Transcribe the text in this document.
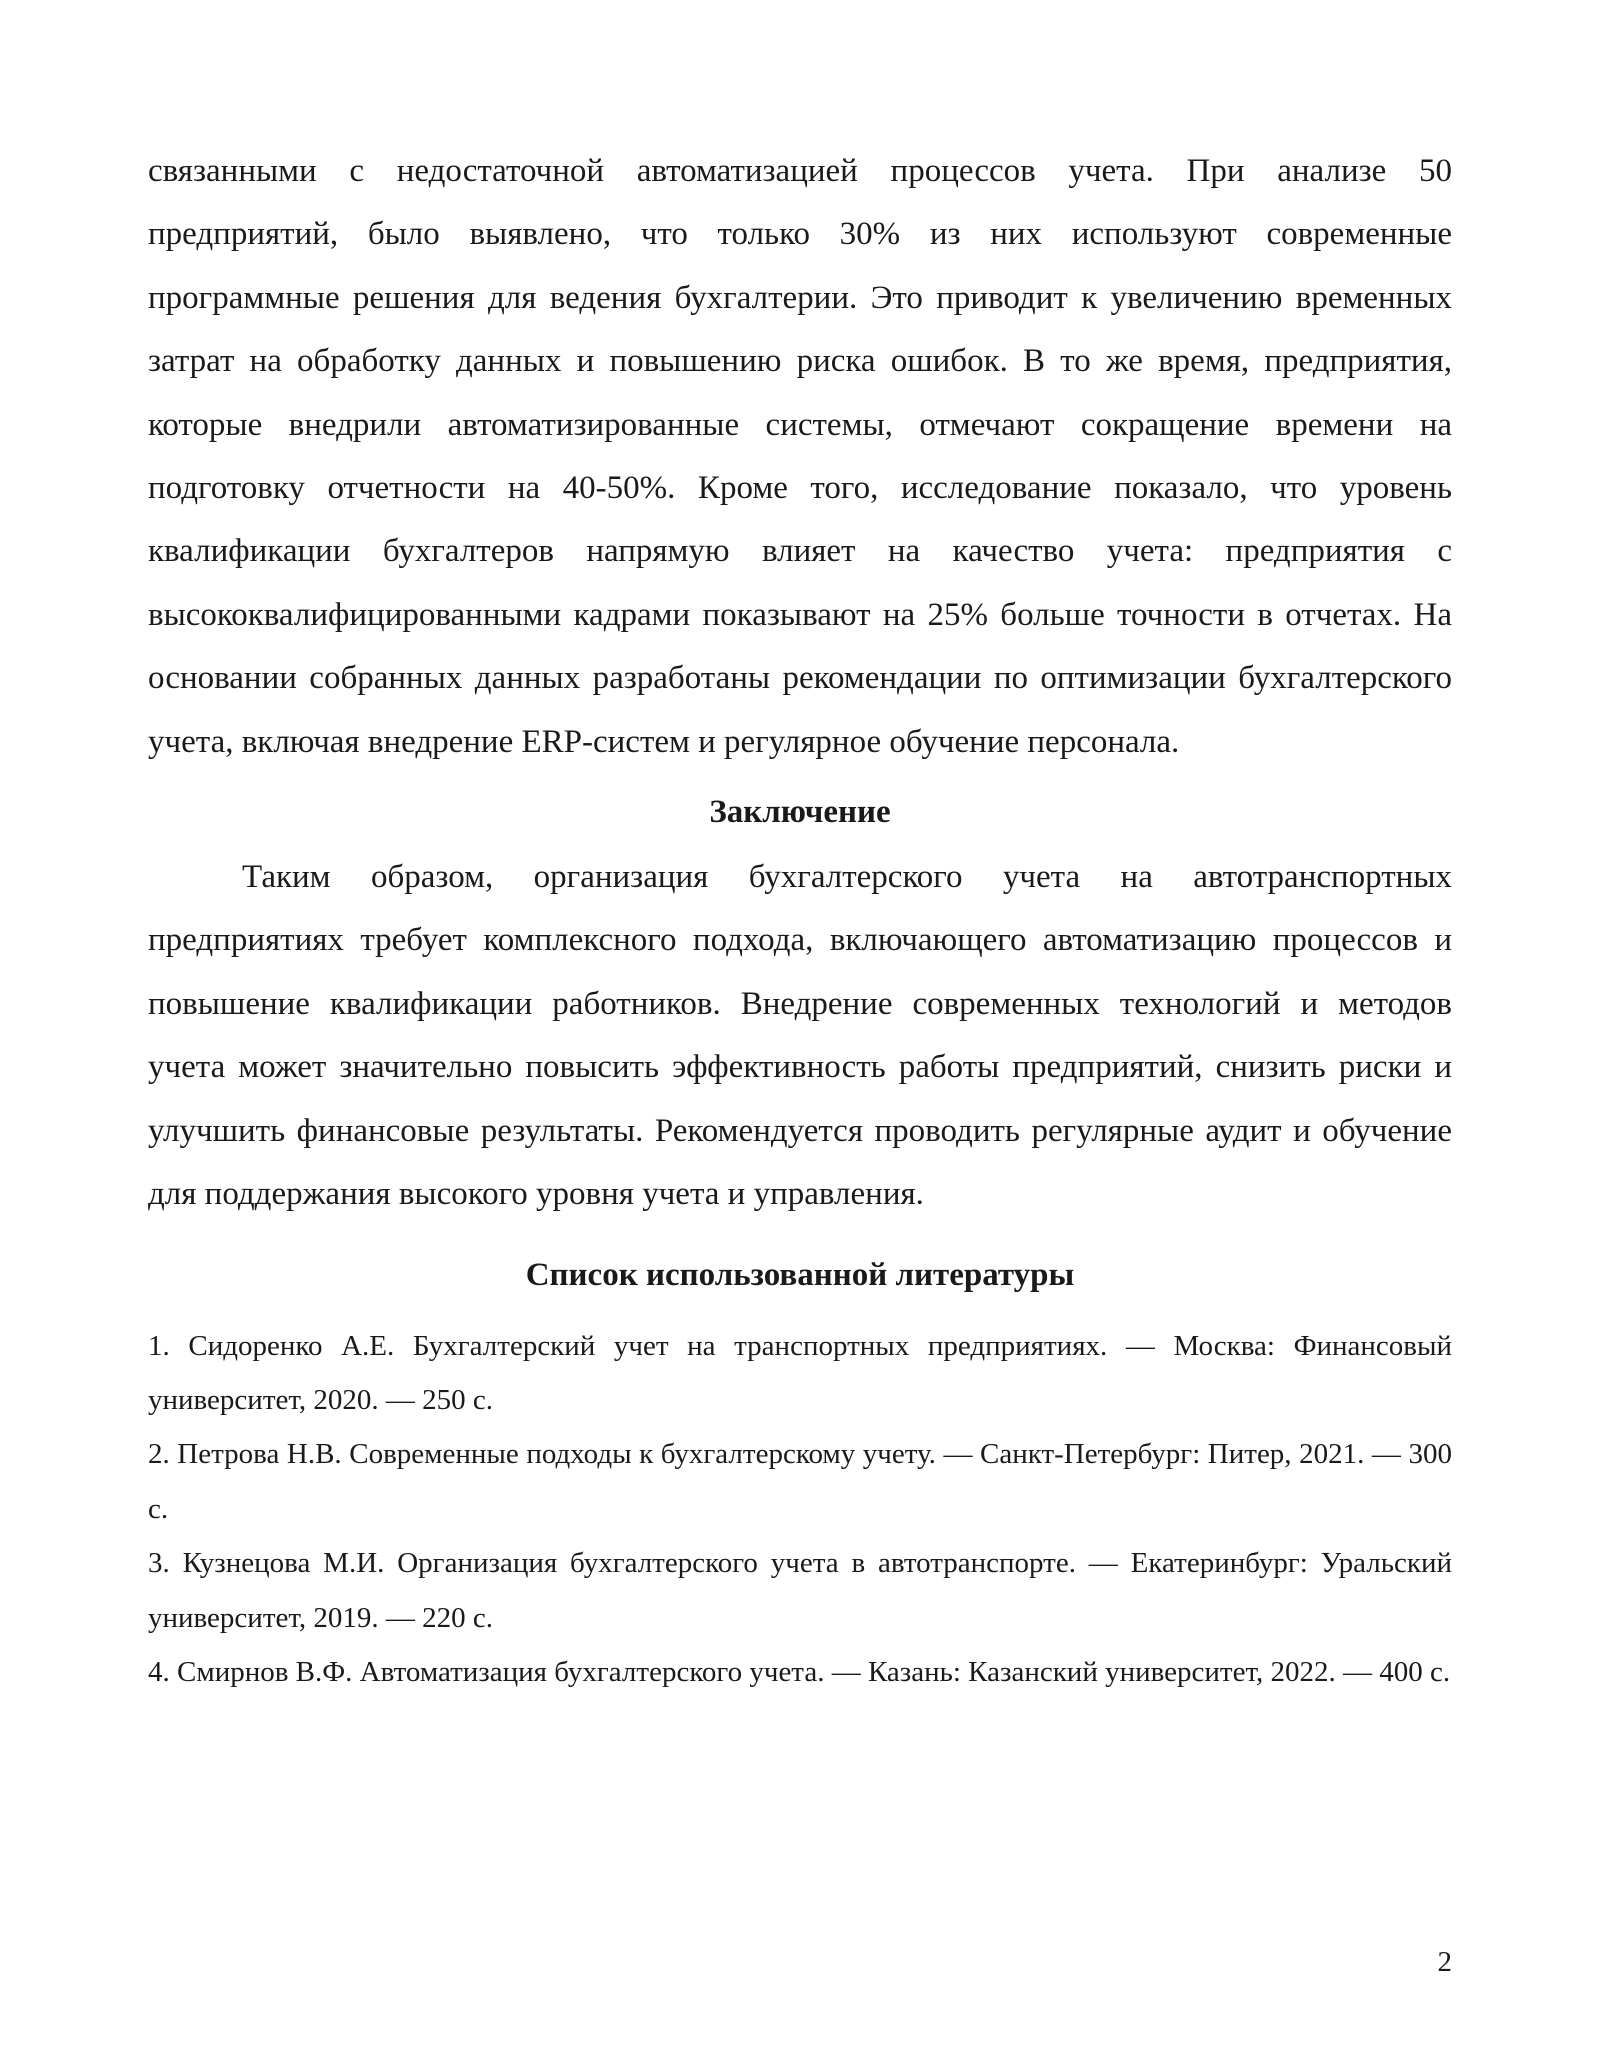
связанными с недостаточной автоматизацией процессов учета. При анализе 50 предприятий, было выявлено, что только 30% из них используют современные программные решения для ведения бухгалтерии. Это приводит к увеличению временных затрат на обработку данных и повышению риска ошибок. В то же время, предприятия, которые внедрили автоматизированные системы, отмечают сокращение времени на подготовку отчетности на 40-50%. Кроме того, исследование показало, что уровень квалификации бухгалтеров напрямую влияет на качество учета: предприятия с высококвалифицированными кадрами показывают на 25% больше точности в отчетах. На основании собранных данных разработаны рекомендации по оптимизации бухгалтерского учета, включая внедрение ERP-систем и регулярное обучение персонала.

Заключение

Таким образом, организация бухгалтерского учета на автотранспортных предприятиях требует комплексного подхода, включающего автоматизацию процессов и повышение квалификации работников. Внедрение современных технологий и методов учета может значительно повысить эффективность работы предприятий, снизить риски и улучшить финансовые результаты. Рекомендуется проводить регулярные аудит и обучение для поддержания высокого уровня учета и управления.

Список использованной литературы
1. Сидоренко А.Е. Бухгалтерский учет на транспортных предприятиях. — Москва: Финансовый университет, 2020. — 250 с.
2. Петрова Н.В. Современные подходы к бухгалтерскому учету. — Санкт-Петербург: Питер, 2021. — 300 с.
3. Кузнецова М.И. Организация бухгалтерского учета в автотранспорте. — Екатеринбург: Уральский университет, 2019. — 220 с.
4. Смирнов В.Ф. Автоматизация бухгалтерского учета. — Казань: Казанский университет, 2022. — 400 с.
2
